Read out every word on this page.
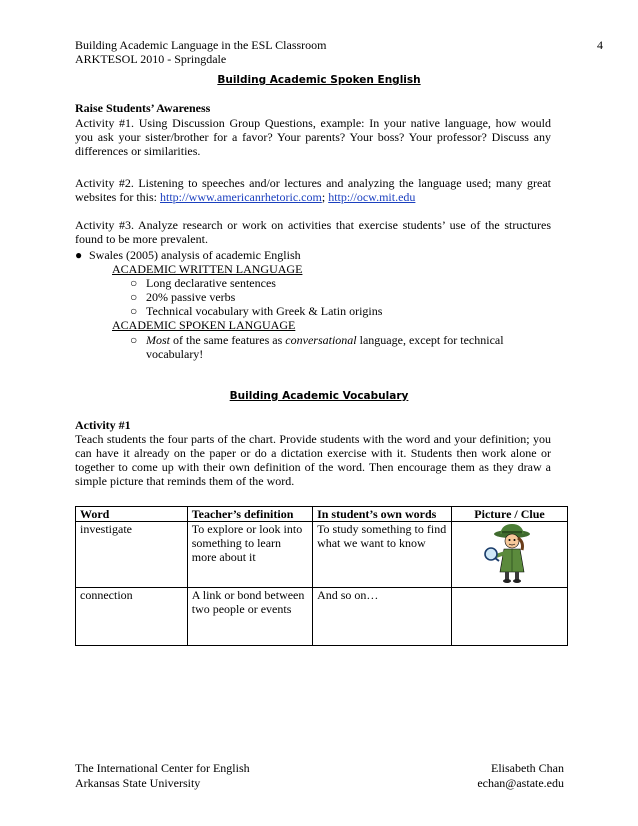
Building Academic Language in the ESL Classroom
ARKTESOL 2010 - Springdale
4
Building Academic Spoken English
Raise Students’ Awareness
Activity #1. Using Discussion Group Questions, example: In your native language, how would you ask your sister/brother for a favor? Your parents? Your boss? Your professor? Discuss any differences or similarities.
Activity #2. Listening to speeches and/or lectures and analyzing the language used; many great websites for this: http://www.americanrhetoric.com; http://ocw.mit.edu
Activity #3. Analyze research or work on activities that exercise students’ use of the structures found to be more prevalent.
● Swales (2005) analysis of academic English
ACADEMIC WRITTEN LANGUAGE
○ Long declarative sentences
○ 20% passive verbs
○ Technical vocabulary with Greek & Latin origins
ACADEMIC SPOKEN LANGUAGE
○ Most of the same features as conversational language, except for technical
vocabulary!
Building Academic Vocabulary
Activity #1
Teach students the four parts of the chart. Provide students with the word and your definition; you can have it already on the paper or do a dictation exercise with it. Students then work alone or together to come up with their own definition of the word. Then encourage them as they draw a simple picture that reminds them of the word.
Word	Teacher’s definition	In student’s own words	Picture / Clue
investigate	To explore or look into something to learn more about it	To study something to find what we want to know	
connection	A link or bond between two people or events	And so on…	
The International Center for English
Arkansas State University
Elisabeth Chan
echan@astate.edu
